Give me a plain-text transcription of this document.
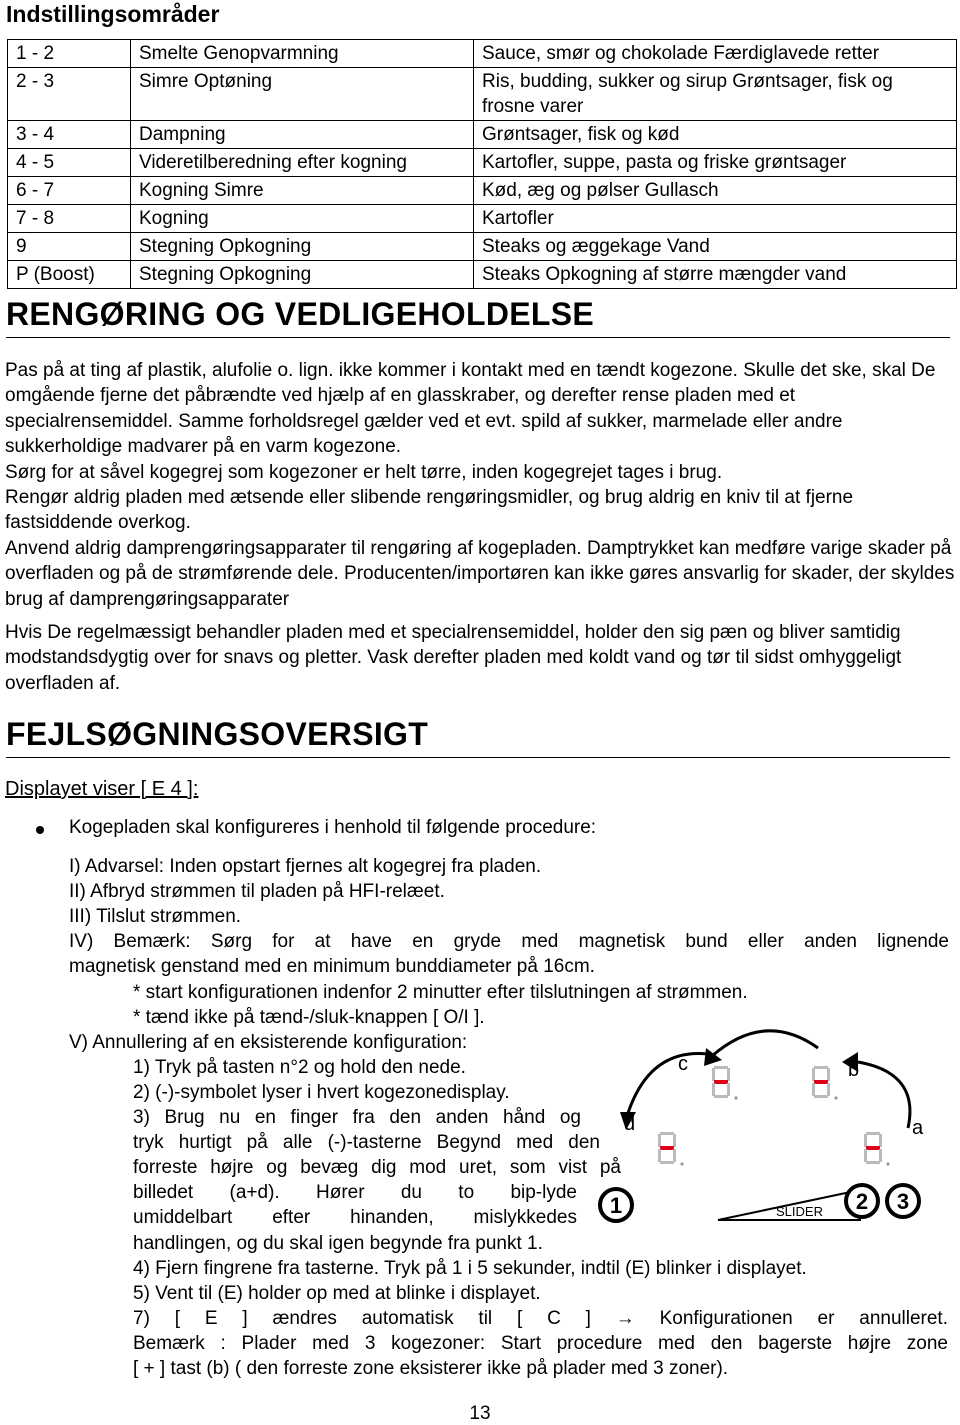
Indstillingsområder
1 - 2	Smelte Genopvarmning	Sauce, smør og chokolade Færdiglavede retter
2 - 3	Simre Optøning	Ris, budding, sukker og sirup Grøntsager, fisk og frosne varer
3 - 4	Dampning	Grøntsager, fisk og kød
4 - 5	Videretilberedning efter kogning	Kartofler, suppe, pasta og friske grøntsager
6 - 7	Kogning Simre	Kød, æg og pølser Gullasch
7 - 8	Kogning	Kartofler
9	Stegning Opkogning	Steaks og æggekage Vand
P (Boost)	Stegning Opkogning	Steaks Opkogning af større mængder vand
RENGØRING OG VEDLIGEHOLDELSE

Pas på at ting af plastik, alufolie o. lign. ikke kommer i kontakt med en tændt kogezone. Skulle det ske, skal De omgående fjerne det påbrændte ved hjælp af en glasskraber, og derefter rense pladen med et specialrensemiddel. Samme forholdsregel gælder ved et evt. spild af sukker, marmelade eller andre sukkerholdige madvarer på en varm kogezone.

Sørg for at såvel kogegrej som kogezoner er helt tørre, inden kogegrejet tages i brug.

Rengør aldrig pladen med ætsende eller slibende rengøringsmidler, og brug aldrig en kniv til at fjerne fastsiddende overkog.

Anvend aldrig damprengøringsapparater til rengøring af kogepladen. Damptrykket kan medføre varige skader på overfladen og på de strømførende dele. Producenten/importøren kan ikke gøres ansvarlig for skader, der skyldes brug af damprengøringsapparater

Hvis De regelmæssigt behandler pladen med et specialrensemiddel, holder den sig pæn og bliver samtidig modstandsdygtig over for snavs og pletter. Vask derefter pladen med koldt vand og tør til sidst omhyggeligt overfladen af.

FEJLSØGNINGSOVERSIGT
Displayet viser [ E 4 ]:
Kogepladen skal konfigureres i henhold til følgende procedure:
I) Advarsel: Inden opstart fjernes alt kogegrej fra pladen.
II) Afbryd strømmen til pladen på HFI-relæet.
III) Tilslut strømmen.
IV) Bemærk: Sørg for at have en gryde med magnetisk bund eller anden lignende
magnetisk genstand med en minimum bunddiameter på 16cm.
* start konfigurationen indenfor 2 minutter efter tilslutningen af strømmen.
* tænd ikke på tænd-/sluk-knappen [ O/I ].
V) Annullering af en eksisterende konfiguration:
1) Tryk på tasten n°2 og hold den nede.
2) (-)-symbolet lyser i hvert kogezonedisplay.
3) Brug nu en finger fra den anden hånd og
tryk hurtigt på alle (-)-tasterne Begynd med den
forreste højre og bevæg dig mod uret, som vist på
billedet (a+d). Hører du to bip-lyde
umiddelbart efter hinanden, mislykkedes
handlingen, og du skal igen begynde fra punkt 1.
4) Fjern fingrene fra tasterne. Tryk på 1 i 5 sekunder, indtil (E) blinker i displayet.
5) Vent til (E) holder op med at blinke i displayet.
7) [ E ] ændres automatisk til [ C ] → Konfigurationen er annulleret.
Bemærk : Plader med 3 kogezoner: Start procedure med den bagerste højre zone
[ + ] tast (b) ( den forreste zone eksisterer ikke på plader med 3 zoner).
c	b
d	a
1	SLIDER 2 3
13
